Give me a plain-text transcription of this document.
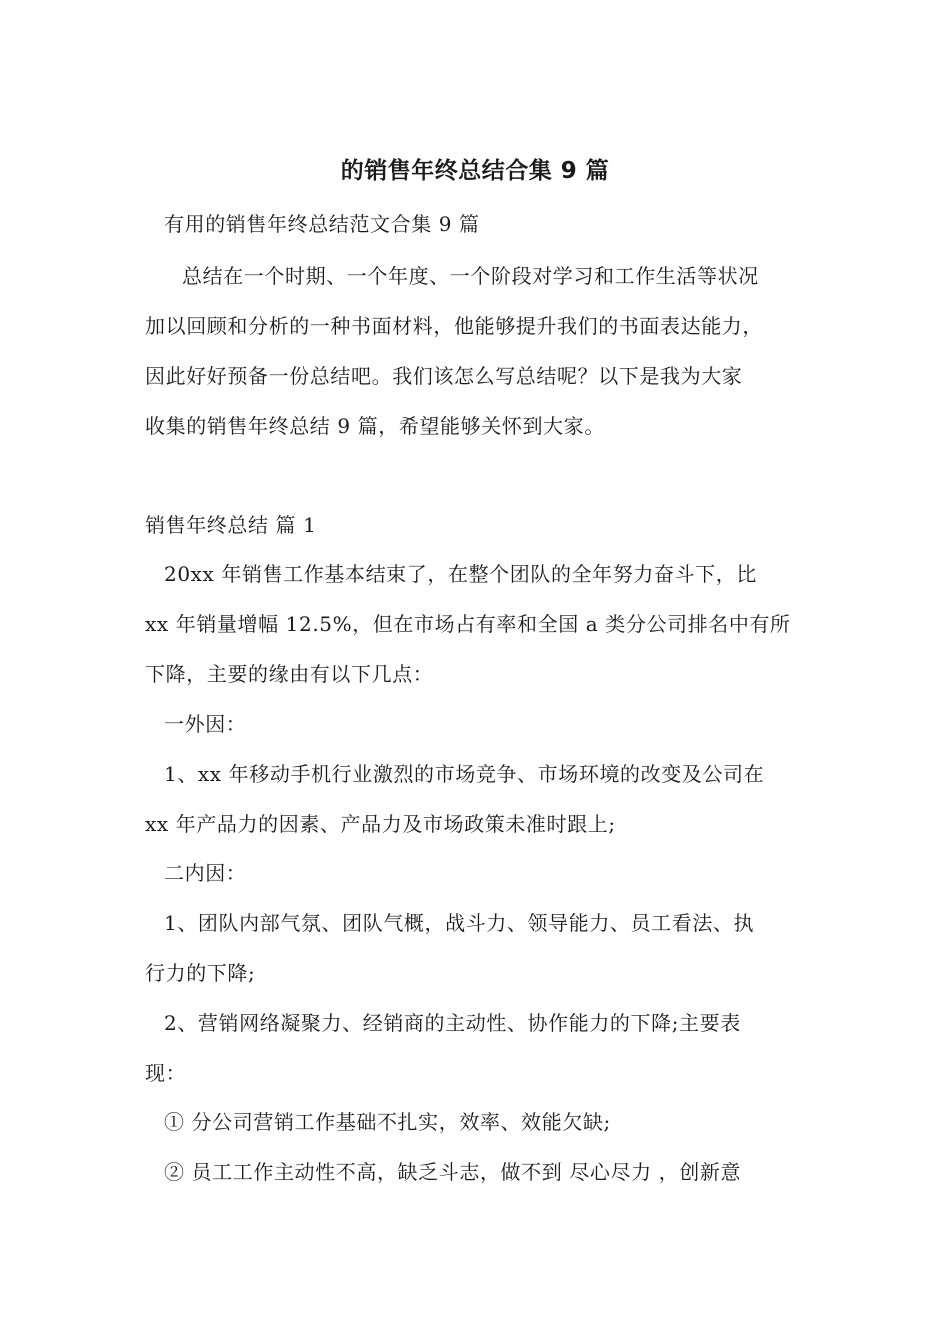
的销售年终总结合集 9 篇
有用的销售年终总结范文合集 9 篇
总结在一个时期、一个年度、一个阶段对学习和工作生活等状况
加以回顾和分析的一种书面材料，他能够提升我们的书面表达能力，
因此好好预备一份总结吧。我们该怎么写总结呢？以下是我为大家
收集的销售年终总结 9 篇，希望能够关怀到大家。
销售年终总结 篇 1
20xx 年销售工作基本结束了，在整个团队的全年努力奋斗下，比
xx 年销量增幅 12.5%，但在市场占有率和全国 a 类分公司排名中有所
下降，主要的缘由有以下几点：
一外因：
1、xx 年移动手机行业激烈的市场竞争、市场环境的改变及公司在
xx 年产品力的因素、产品力及市场政策未准时跟上;
二内因：
1、团队内部气氛、团队气概，战斗力、领导能力、员工看法、执
行力的下降;
2、营销网络凝聚力、经销商的主动性、协作能力的下降;主要表
现：
① 分公司营销工作基础不扎实，效率、效能欠缺;
② 员工工作主动性不高，缺乏斗志，做不到 尽心尽力 ，创新意
